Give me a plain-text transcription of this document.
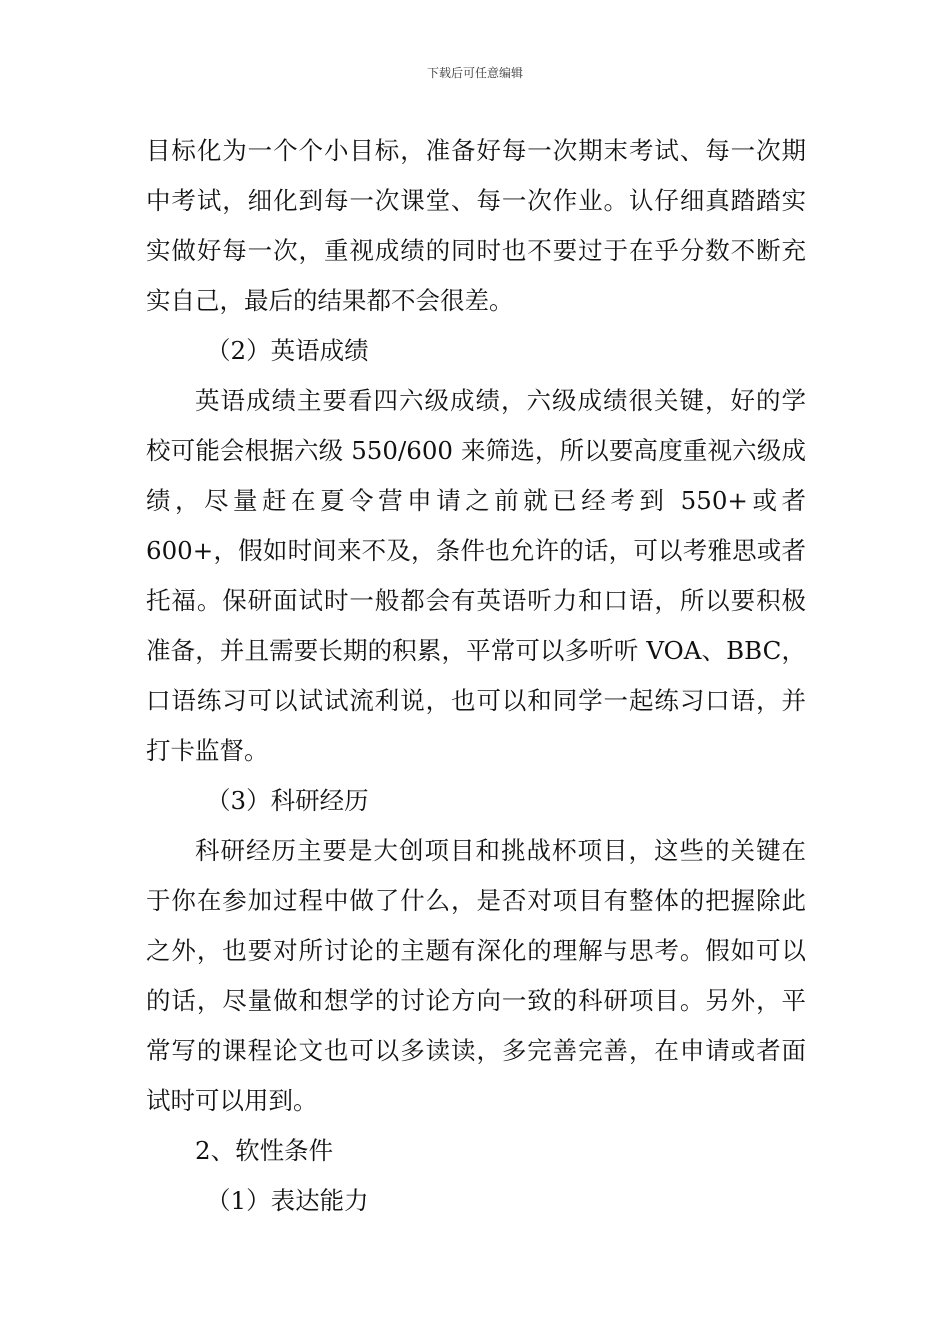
下载后可任意编辑

目标化为一个个小目标，准备好每一次期末考试、每一次期中考试，细化到每一次课堂、每一次作业。认仔细真踏踏实实做好每一次，重视成绩的同时也不要过于在乎分数不断充实自己，最后的结果都不会很差。

（2）英语成绩

英语成绩主要看四六级成绩，六级成绩很关键，好的学校可能会根据六级 550/600 来筛选，所以要高度重视六级成绩，尽量赶在夏令营申请之前就已经考到 550+或者 600+，假如时间来不及，条件也允许的话，可以考雅思或者托福。保研面试时一般都会有英语听力和口语，所以要积极准备，并且需要长期的积累，平常可以多听听 VOA、BBC，口语练习可以试试流利说，也可以和同学一起练习口语，并打卡监督。

（3）科研经历

科研经历主要是大创项目和挑战杯项目，这些的关键在于你在参加过程中做了什么，是否对项目有整体的把握除此之外，也要对所讨论的主题有深化的理解与思考。假如可以的话，尽量做和想学的讨论方向一致的科研项目。另外，平常写的课程论文也可以多读读，多完善完善，在申请或者面试时可以用到。

2、软性条件

（1）表达能力
